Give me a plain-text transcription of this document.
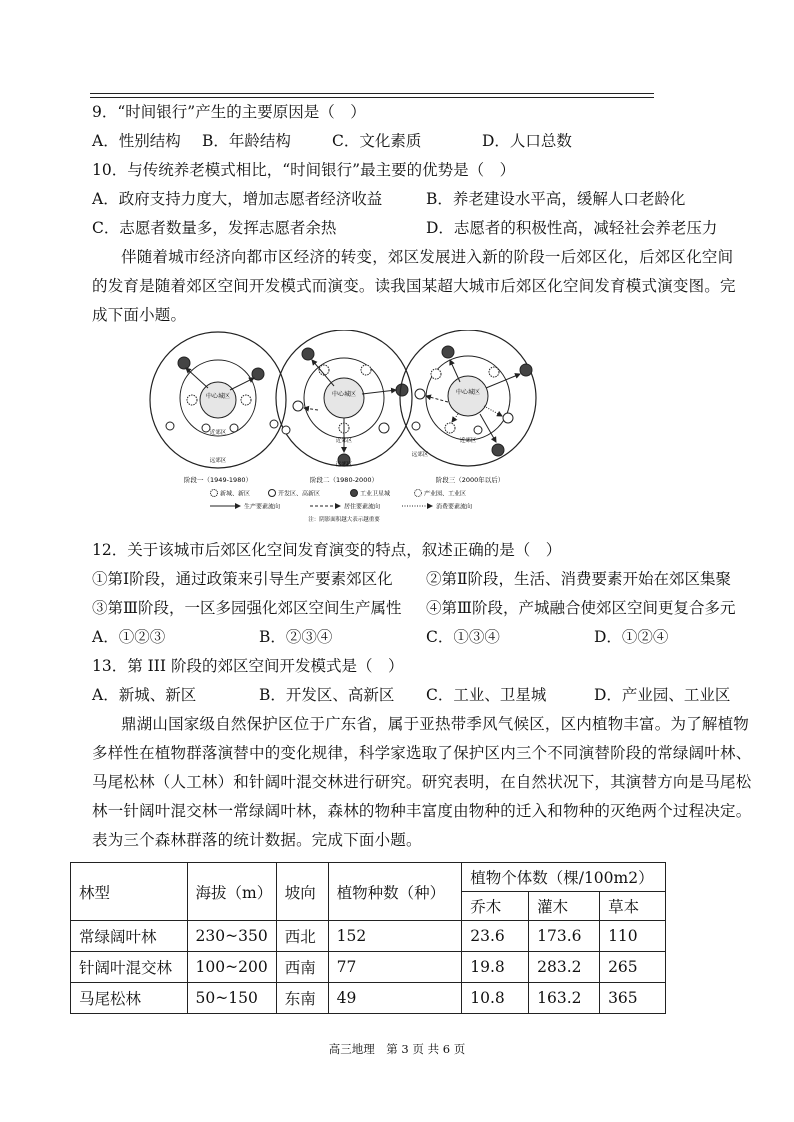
9．“时间银行”产生的主要原因是（　）
A．性别结构 B．年龄结构	C．文化素质	D．人口总数
10．与传统养老模式相比，“时间银行”最主要的优势是（　）
A．政府支持力度大，增加志愿者经济收益	B．养老建设水平高，缓解人口老龄化
C．志愿者数量多，发挥志愿者余热	D．志愿者的积极性高，减轻社会养老压力
伴随着城市经济向都市区经济的转变，郊区发展进入新的阶段一后郊区化，后郊区化空间
的发育是随着郊区空间开发模式而演变。读我国某超大城市后郊区化空间发育模式演变图。完
成下面小题。
中心城区
近郊区
远郊区
中心城区
近郊区
远郊区
中心城区
近郊区
远郊区
阶段一（1949-1980）	阶段二（1980-2000）	阶段三（2000年以后）
新城、新区	开发区、高新区	工业卫星城	产业园、工业区
生产要素流向	居住要素流向	消费要素流向
注：阴影面积越大表示越重要
12．关于该城市后郊区化空间发育演变的特点，叙述正确的是（　）
①第Ⅰ阶段，通过政策来引导生产要素郊区化 ②第Ⅱ阶段，生活、消费要素开始在郊区集聚
③第Ⅲ阶段，一区多园强化郊区空间生产属性 ④第Ⅲ阶段，产城融合使郊区空间更复合多元
A．①②③	B．②③④	C．①③④	D．①②④
13．第 III 阶段的郊区空间开发模式是（　）
A．新城、新区	B．开发区、高新区 C．工业、卫星城	D．产业园、工业区
鼎湖山国家级自然保护区位于广东省，属于亚热带季风气候区，区内植物丰富。为了解植物
多样性在植物群落演替中的变化规律，科学家选取了保护区内三个不同演替阶段的常绿阔叶林、
马尾松林（人工林）和针阔叶混交林进行研究。研究表明，在自然状况下，其演替方向是马尾松
林一针阔叶混交林一常绿阔叶林，森林的物种丰富度由物种的迁入和物种的灭绝两个过程决定。
表为三个森林群落的统计数据。完成下面小题。
林型	海拔（m）	坡向	植物种数（种）	植物个体数（棵/100m2）		
				乔木	灌木	草本
常绿阔叶林	230~350	西北	152	23.6	173.6	110
针阔叶混交林	100~200	西南	77	19.8	283.2	265
马尾松林	50~150	东南	49	10.8	163.2	365
高三地理　第 3 页 共 6 页
